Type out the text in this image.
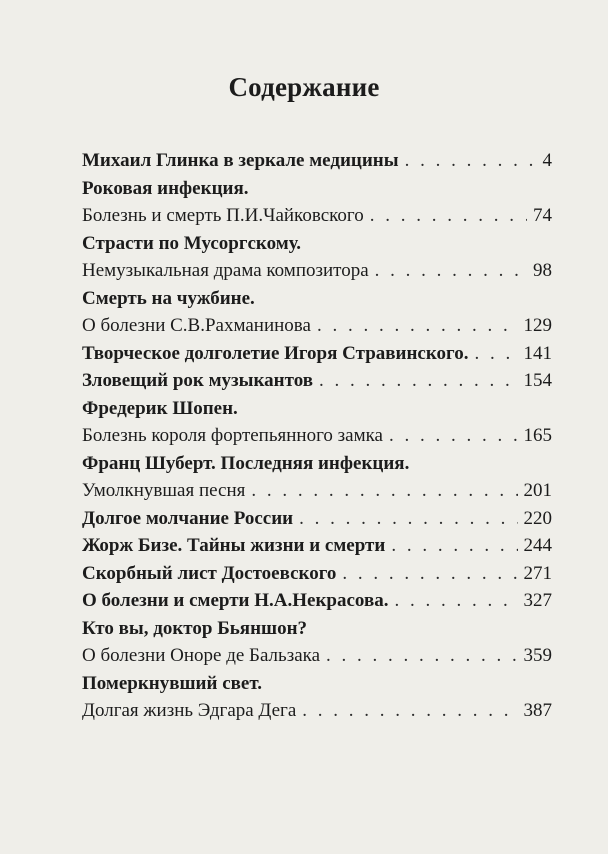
Содержание
Михаил Глинка в зеркале медицины . . .	4
Роковая инфекция.
Болезнь и смерть П.И.Чайковского . . .	74
Страсти по Мусоргскому.
Немузыкальная драма композитора . . .	98
Смерть на чужбине.
О болезни С.В.Рахманинова . . .	129
Творческое долголетие Игоря Стравинского. . . .	141
Зловещий рок музыкантов . . .	154
Фредерик Шопен.
Болезнь короля фортепьянного замка . . .	165
Франц Шуберт. Последняя инфекция.
Умолкнувшая песня . . .	201
Долгое молчание России . . .	220
Жорж Бизе. Тайны жизни и смерти . . .	244
Скорбный лист Достоевского . . .	271
О болезни и смерти Н.А.Некрасова. . . .	327
Кто вы, доктор Бьяншон?
О болезни Оноре де Бальзака . . .	359
Померкнувший свет.
Долгая жизнь Эдгара Дега . . .	387
